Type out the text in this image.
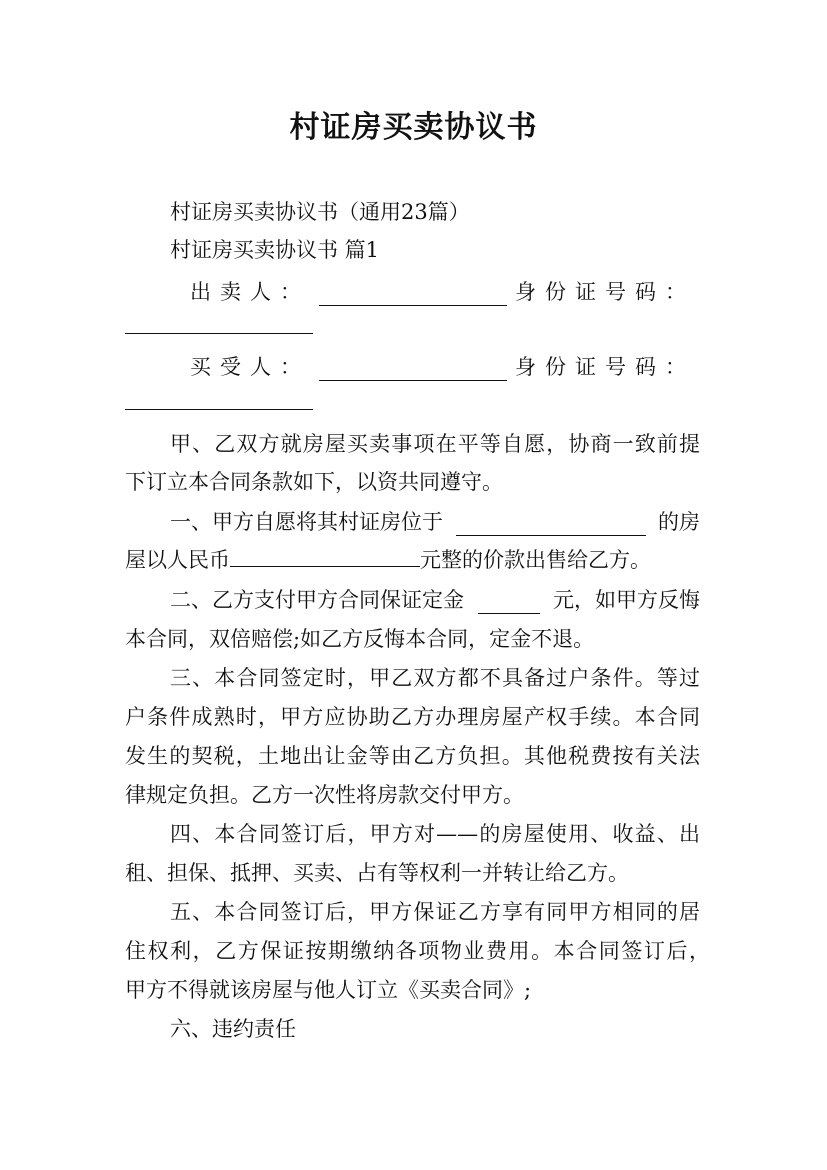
村证房买卖协议书
村证房买卖协议书（通用23篇）
村证房买卖协议书 篇1
出卖人：	身份证号码：
买受人：	身份证号码：
甲、乙双方就房屋买卖事项在平等自愿，协商一致前提
下订立本合同条款如下，以资共同遵守。
一、甲方自愿将其村证房位于	的房
屋以人民币	元整的价款出售给乙方。
二、乙方支付甲方合同保证定金	元，如甲方反悔
本合同，双倍赔偿;如乙方反悔本合同，定金不退。
三、本合同签定时，甲乙双方都不具备过户条件。等过
户条件成熟时，甲方应协助乙方办理房屋产权手续。本合同
发生的契税，土地出让金等由乙方负担。其他税费按有关法
律规定负担。乙方一次性将房款交付甲方。
四、本合同签订后，甲方对——的房屋使用、收益、出
租、担保、抵押、买卖、占有等权利一并转让给乙方。
五、本合同签订后，甲方保证乙方享有同甲方相同的居
住权利，乙方保证按期缴纳各项物业费用。本合同签订后，
甲方不得就该房屋与他人订立《买卖合同》;
六、违约责任
